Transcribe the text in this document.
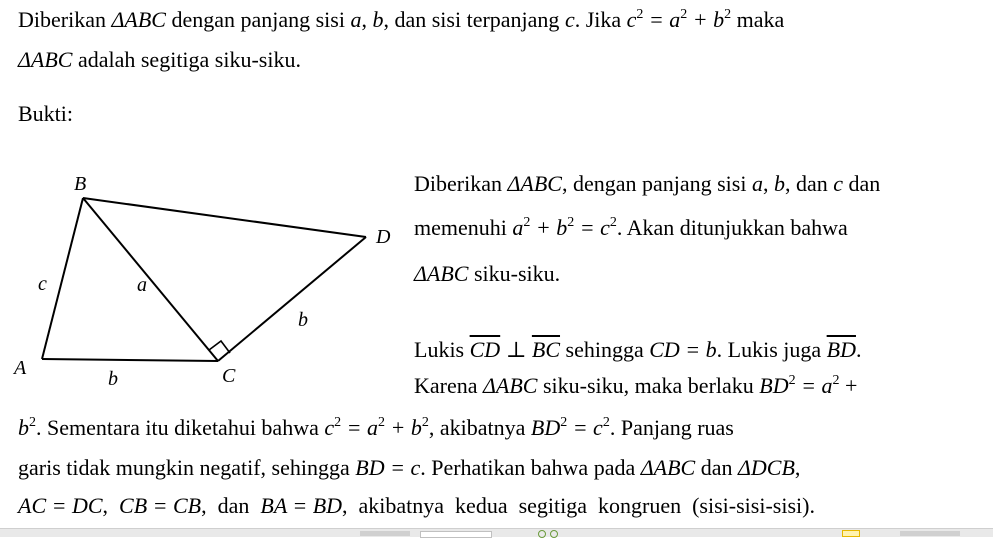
Diberikan ΔABC dengan panjang sisi a, b, dan sisi terpanjang c. Jika $c^2 = a^2 + b^2$ maka
ΔABC adalah segitiga siku-siku.
Bukti:
B
D
A	C
c	a
b
b
Diberikan ΔABC, dengan panjang sisi a, b, dan c dan
memenuhi $a^2 + b^2 = c^2$. Akan ditunjukkan bahwa
ΔABC siku-siku.
Lukis $\overline{CD}$ ⊥ $\overline{BC}$ sehingga CD = b. Lukis juga $\overline{BD}$.
Karena ΔABC siku-siku, maka berlaku $BD^2 = a^2$ +
$b^2$. Sementara itu diketahui bahwa $c^2 = a^2 + b^2$, akibatnya $BD^2 = c^2$. Panjang ruas
garis tidak mungkin negatif, sehingga BD = c. Perhatikan bahwa pada ΔABC dan ΔDCB,
AC = DC,  CB = CB,  dan  BA = BD,  akibatnya  kedua  segitiga  kongruen  (sisi-sisi-sisi).
